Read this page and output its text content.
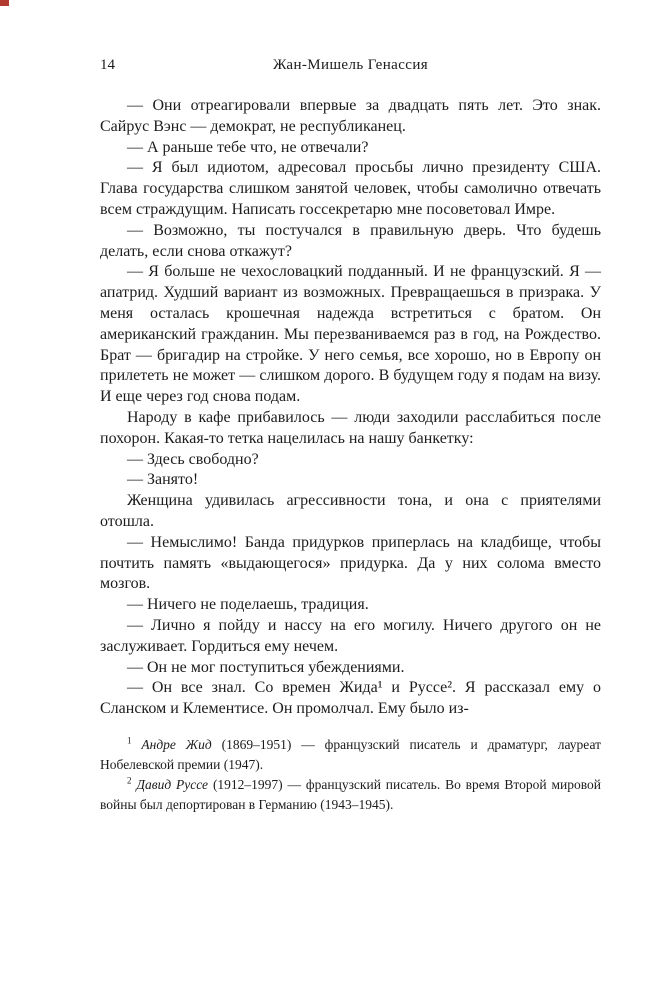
14	Жан-Мишель Генассия

— Они отреагировали впервые за двадцать пять лет. Это знак. Сайрус Вэнс — демократ, не республиканец.

— А раньше тебе что, не отвечали?

— Я был идиотом, адресовал просьбы лично президенту США. Глава государства слишком занятой человек, чтобы самолично отвечать всем страждущим. Написать госсекретарю мне посоветовал Имре.

— Возможно, ты постучался в правильную дверь. Что будешь делать, если снова откажут?

— Я больше не чехословацкий подданный. И не французский. Я — апатрид. Худший вариант из возможных. Превращаешься в призрака. У меня осталась крошечная надежда встретиться с братом. Он американский гражданин. Мы перезваниваемся раз в год, на Рождество. Брат — бригадир на стройке. У него семья, все хорошо, но в Европу он прилететь не может — слишком дорого. В будущем году я подам на визу. И еще через год снова подам.

Народу в кафе прибавилось — люди заходили расслабиться после похорон. Какая-то тетка нацелилась на нашу банкетку:

— Здесь свободно?

— Занято!

Женщина удивилась агрессивности тона, и она с приятелями отошла.

— Немыслимо! Банда придурков приперлась на кладбище, чтобы почтить память «выдающегося» придурка. Да у них солома вместо мозгов.

— Ничего не поделаешь, традиция.

— Лично я пойду и нассу на его могилу. Ничего другого он не заслуживает. Гордиться ему нечем.

— Он не мог поступиться убеждениями.

— Он все знал. Со времен Жида¹ и Руссе². Я рассказал ему о Сланском и Клементисе. Он промолчал. Ему было из-

$^1$ Андре Жид (1869–1951) — французский писатель и драматург, лауреат Нобелевской премии (1947).

$^2$ Давид Руссе (1912–1997) — французский писатель. Во время Второй мировой войны был депортирован в Германию (1943–1945).
